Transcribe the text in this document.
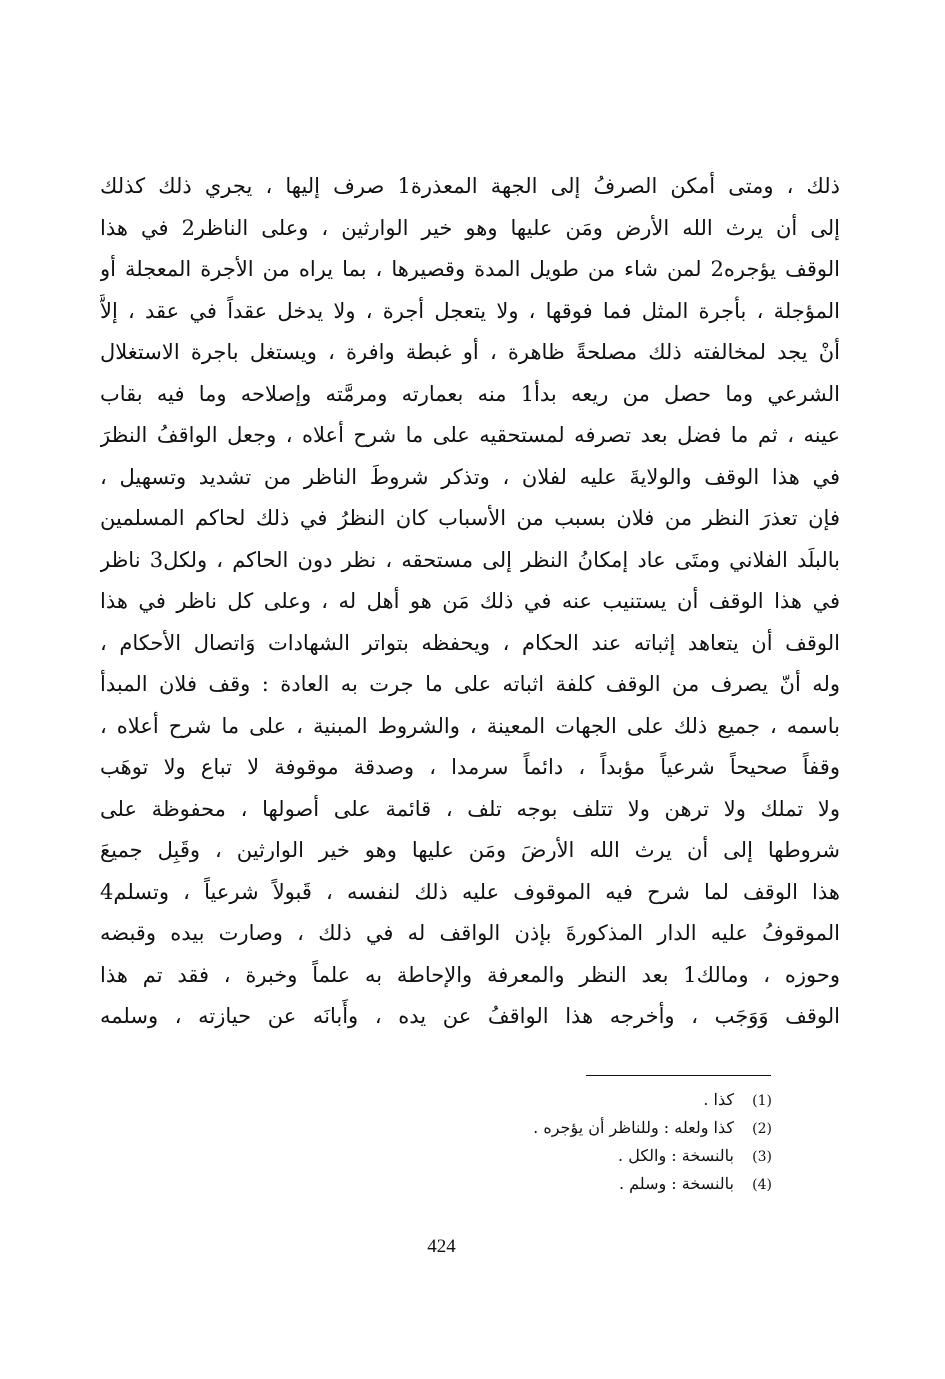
ذلك ، ومتى أمكن الصرفُ إلى الجهة المعذرة1 صرف إليها ، يجري ذلك كذلك
إلى أن يرث الله الأرض ومَن عليها وهو خير الوارثين ، وعلى الناظر2 في هذا
الوقف يؤجره2 لمن شاء من طويل المدة وقصيرها ، بما يراه من الأجرة المعجلة أو
المؤجلة ، بأجرة المثل فما فوقها ، ولا يتعجل أجرة ، ولا يدخل عقداً في عقد ، إلاَّ
أنْ يجد لمخالفته ذلك مصلحةً ظاهرة ، أو غبطة وافرة ، ويستغل باجرة الاستغلال
الشرعي وما حصل من ريعه بدأ1 منه بعمارته ومرمَّته وإصلاحه وما فيه بقاب
عينه ، ثم ما فضل بعد تصرفه لمستحقيه على ما شرح أعلاه ، وجعل الواقفُ النظرَ
في هذا الوقف والولايةَ عليه لفلان ، وتذكر شروطَ الناظر من تشديد وتسهيل ،
فإن تعذرَ النظر من فلان بسبب من الأسباب كان النظرُ في ذلك لحاكم المسلمين
بالبلَد الفلاني ومتَى عاد إمكانُ النظر إلى مستحقه ، نظر دون الحاكم ، ولكل3 ناظر
في هذا الوقف أن يستنيب عنه في ذلك مَن هو أهل له ، وعلى كل ناظر في هذا
الوقف أن يتعاهد إثباته عند الحكام ، ويحفظه بتواتر الشهادات وَاتصال الأحكام ،
وله أنّ يصرف من الوقف كلفة اثباته على ما جرت به العادة : وقف فلان المبدأ
باسمه ، جميع ذلك على الجهات المعينة ، والشروط المبنية ، على ما شرح أعلاه ،
وقفاً صحيحاً شرعياً مؤبداً ، دائماً سرمدا ، وصدقة موقوفة لا تباع ولا توهَب
ولا تملك ولا ترهن ولا تتلف بوجه تلف ، قائمة على أصولها ، محفوظة على
شروطها إلى أن يرث الله الأرضَ ومَن عليها وهو خير الوارثين ، وقَبِل جميعَ
هذا الوقف لما شرح فيه الموقوف عليه ذلك لنفسه ، قَبولاً شرعياً ، وتسلم4
الموقوفُ عليه الدار المذكورةَ بإذن الواقف له في ذلك ، وصارت بيده وقبضه
وحوزه ، ومالك1 بعد النظر والمعرفة والإحاطة به علماً وخبرة ، فقد تم هذا
الوقف وَوَجَب ، وأخرجه هذا الواقفُ عن يده ، وأَبانَه عن حيازته ، وسلمه
(1)
كذا .
(2)
كذا ولعله : وللناظر أن يؤجره .
(3)
بالنسخة : والكل .
(4)
بالنسخة : وسلم .
424
